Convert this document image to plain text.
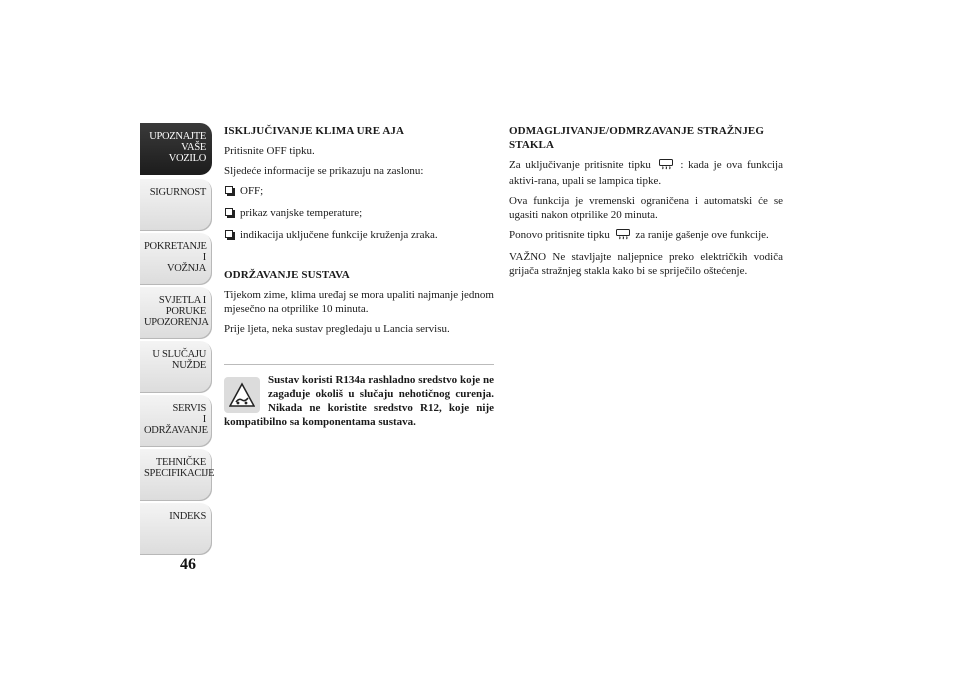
UPOZNAJTE
VAŠE
VOZILO
SIGURNOST
POKRETANJE
I
VOŽNJA
SVJETLA I
PORUKE
UPOZORENJA
U SLUČAJU
NUŽDE
SERVIS
I
ODRŽAVANJE
TEHNIČKE
SPECIFIKACIJE
INDEKS
46
ISKLJUČIVANJE KLIMA URE AJA

Pritisnite OFF tipku.

Sljedeće informacije se prikazuju na zaslonu:

OFF;
prikaz vanjske temperature;
indikacija uključene funkcije kruženja zraka.
ODRŽAVANJE SUSTAVA

Tijekom zime, klima uređaj se mora upaliti najmanje jednom mjesečno na otprilike 10 minuta.

Prije ljeta, neka sustav pregledaju u Lancia servisu.

Sustav koristi R134a rashladno sredstvo koje ne zagađuje okoliš u slučaju nehotičnog curenja. Nikada ne koristite sredstvo R12, koje nije kompatibilno sa komponentama sustava.
ODMAGLJIVANJE/ODMRZAVANJE STRAŽNJEG STAKLA

Za uključivanje pritisnite tipku	: kada je ova funkcija aktivi-rana, upali se lampica tipke.

Ova funkcija je vremenski ograničena i automatski će se ugasiti nakon otprilike 20 minuta.

Ponovo pritisnite tipku za ranije gašenje ove funkcije.

VAŽNO Ne stavljajte naljepnice preko električkih vodiča grijača stražnjeg stakla kako bi se spriječilo oštećenje.
